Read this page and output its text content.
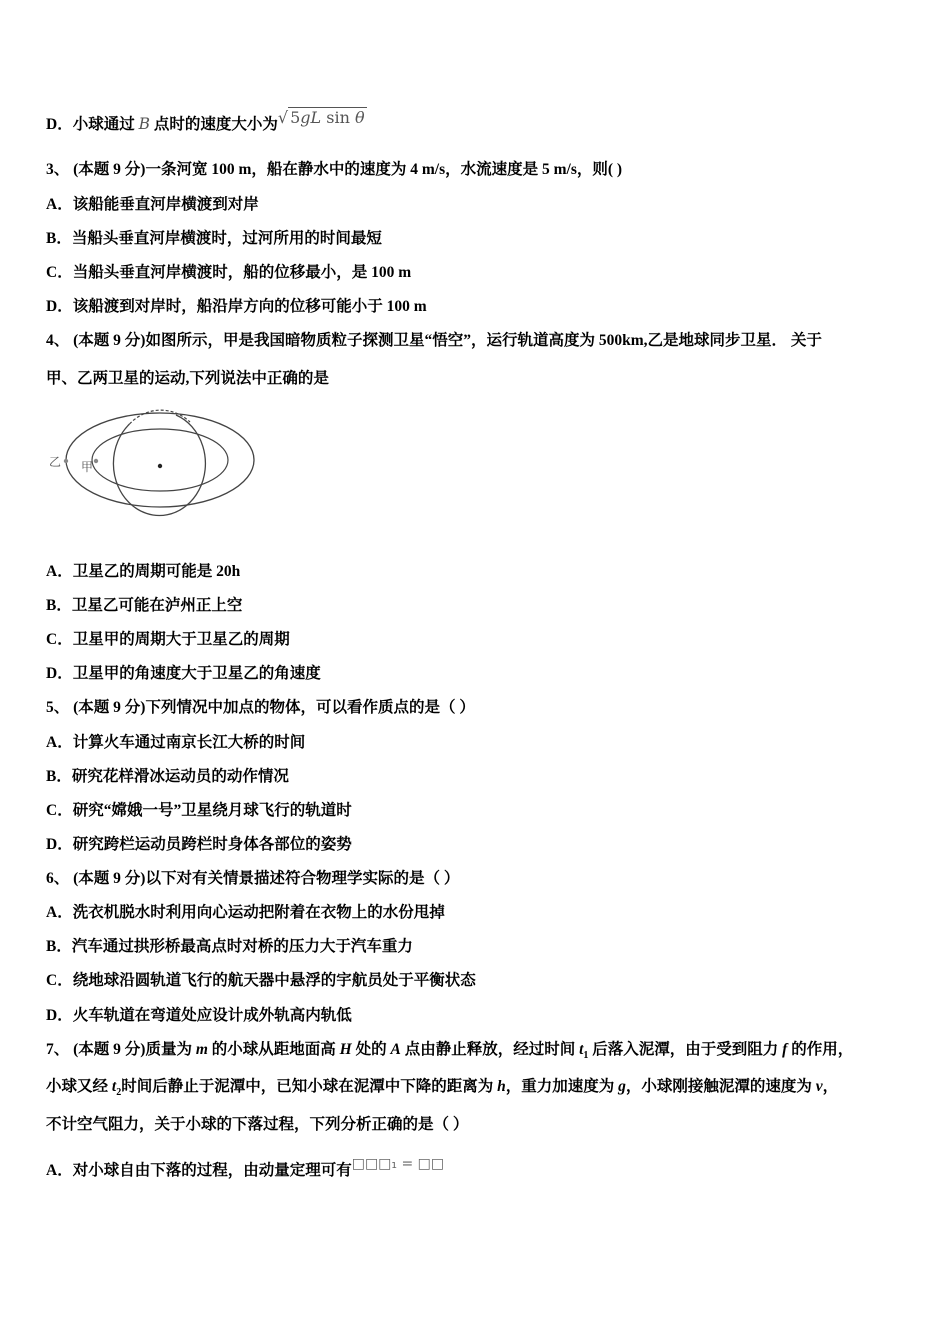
D．小球通过 B 点时的速度大小为√ 5gL sin θ
3、 (本题 9 分)一条河宽 100 m，船在静水中的速度为 4 m/s，水流速度是 5 m/s，则( )
A．该船能垂直河岸横渡到对岸
B．当船头垂直河岸横渡时，过河所用的时间最短
C．当船头垂直河岸横渡时，船的位移最小，是 100 m
D．该船渡到对岸时，船沿岸方向的位移可能小于 100 m
4、 (本题 9 分)如图所示，甲是我国暗物质粒子探测卫星“悟空”，运行轨道高度为 500km,乙是地球同步卫星． 关于
甲、乙两卫星的运动,下列说法中正确的是
乙 甲
A．卫星乙的周期可能是 20h
B．卫星乙可能在泸州正上空
C．卫星甲的周期大于卫星乙的周期
D．卫星甲的角速度大于卫星乙的角速度
5、 (本题 9 分)下列情况中加点的物体，可以看作质点的是（ ）
A．计算火车通过南京长江大桥的时间
B．研究花样滑冰运动员的动作情况
C．研究“嫦娥一号”卫星绕月球飞行的轨道时
D．研究跨栏运动员跨栏时身体各部位的姿势
6、 (本题 9 分)以下对有关情景描述符合物理学实际的是（ ）
A．洗衣机脱水时利用向心运动把附着在衣物上的水份甩掉
B．汽车通过拱形桥最高点时对桥的压力大于汽车重力
C．绕地球沿圆轨道飞行的航天器中悬浮的宇航员处于平衡状态
D．火车轨道在弯道处应设计成外轨高内轨低
7、 (本题 9 分)质量为 m 的小球从距地面高 H 处的 A 点由静止释放，经过时间 $t_1$ 后落入泥潭，由于受到阻力 f 的作用，
小球又经 $t_2$时间后静止于泥潭中，已知小球在泥潭中下降的距离为 h，重力加速度为 g，小球刚接触泥潭的速度为 v，
不计空气阻力，关于小球的下落过程，下列分析正确的是（ ）
A．对小球自由下落的过程，由动量定理可有□□□₁ = □□
